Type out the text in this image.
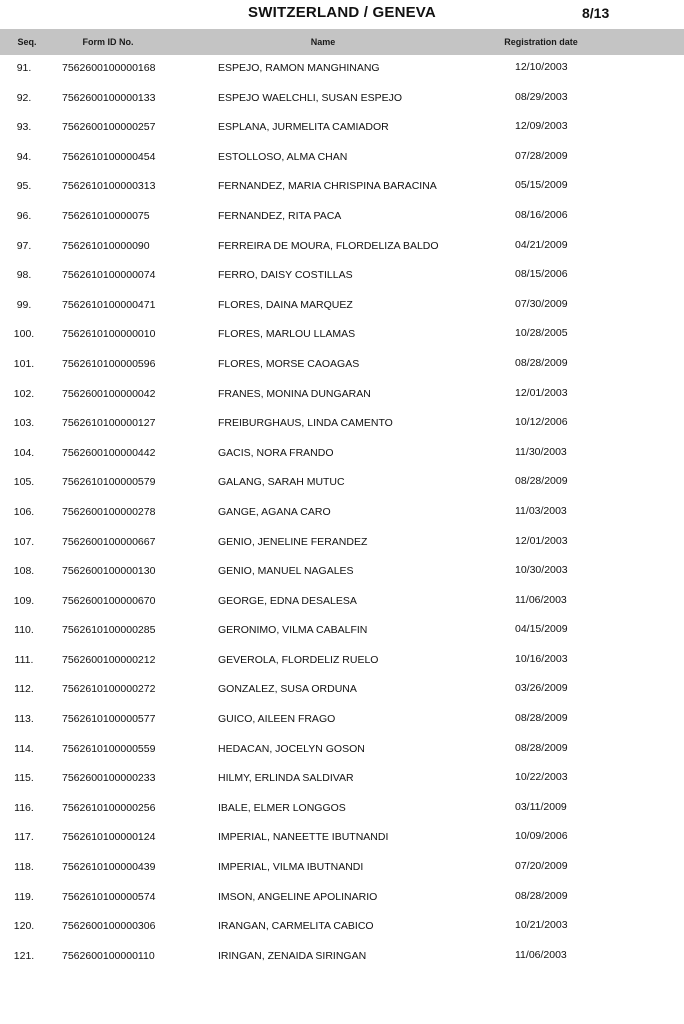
SWITZERLAND / GENEVA	8/13
Seq.	Form ID No.	Name	Registration date
91.	7562600100000168	ESPEJO, RAMON MANGHINANG	12/10/2003
92.	7562600100000133	ESPEJO WAELCHLI, SUSAN ESPEJO	08/29/2003
93.	7562600100000257	ESPLANA, JURMELITA CAMIADOR	12/09/2003
94.	7562610100000454	ESTOLLOSO, ALMA CHAN	07/28/2009
95.	7562610100000313	FERNANDEZ, MARIA CHRISPINA BARACINA	05/15/2009
96.	756261010000075	FERNANDEZ, RITA PACA	08/16/2006
97.	756261010000090	FERREIRA DE MOURA, FLORDELIZA BALDO	04/21/2009
98.	7562610100000074	FERRO, DAISY COSTILLAS	08/15/2006
99.	7562610100000471	FLORES, DAINA MARQUEZ	07/30/2009
100.	7562610100000010	FLORES, MARLOU LLAMAS	10/28/2005
101.	7562610100000596	FLORES, MORSE CAOAGAS	08/28/2009
102.	7562600100000042	FRANES, MONINA DUNGARAN	12/01/2003
103.	7562610100000127	FREIBURGHAUS, LINDA CAMENTO	10/12/2006
104.	7562600100000442	GACIS, NORA FRANDO	11/30/2003
105.	7562610100000579	GALANG, SARAH MUTUC	08/28/2009
106.	7562600100000278	GANGE, AGANA CARO	11/03/2003
107.	7562600100000667	GENIO, JENELINE FERANDEZ	12/01/2003
108.	7562600100000130	GENIO, MANUEL NAGALES	10/30/2003
109.	7562600100000670	GEORGE, EDNA DESALESA	11/06/2003
110.	7562610100000285	GERONIMO, VILMA CABALFIN	04/15/2009
111.	7562600100000212	GEVEROLA, FLORDELIZ RUELO	10/16/2003
112.	7562610100000272	GONZALEZ, SUSA ORDUNA	03/26/2009
113.	7562610100000577	GUICO, AILEEN FRAGO	08/28/2009
114.	7562610100000559	HEDACAN, JOCELYN GOSON	08/28/2009
115.	7562600100000233	HILMY, ERLINDA SALDIVAR	10/22/2003
116.	7562610100000256	IBALE, ELMER LONGGOS	03/11/2009
117.	7562610100000124	IMPERIAL, NANEETTE IBUTNANDI	10/09/2006
118.	7562610100000439	IMPERIAL, VILMA IBUTNANDI	07/20/2009
119.	7562610100000574	IMSON, ANGELINE APOLINARIO	08/28/2009
120.	7562600100000306	IRANGAN, CARMELITA CABICO	10/21/2003
121.	7562600100000110	IRINGAN, ZENAIDA SIRINGAN	11/06/2003
